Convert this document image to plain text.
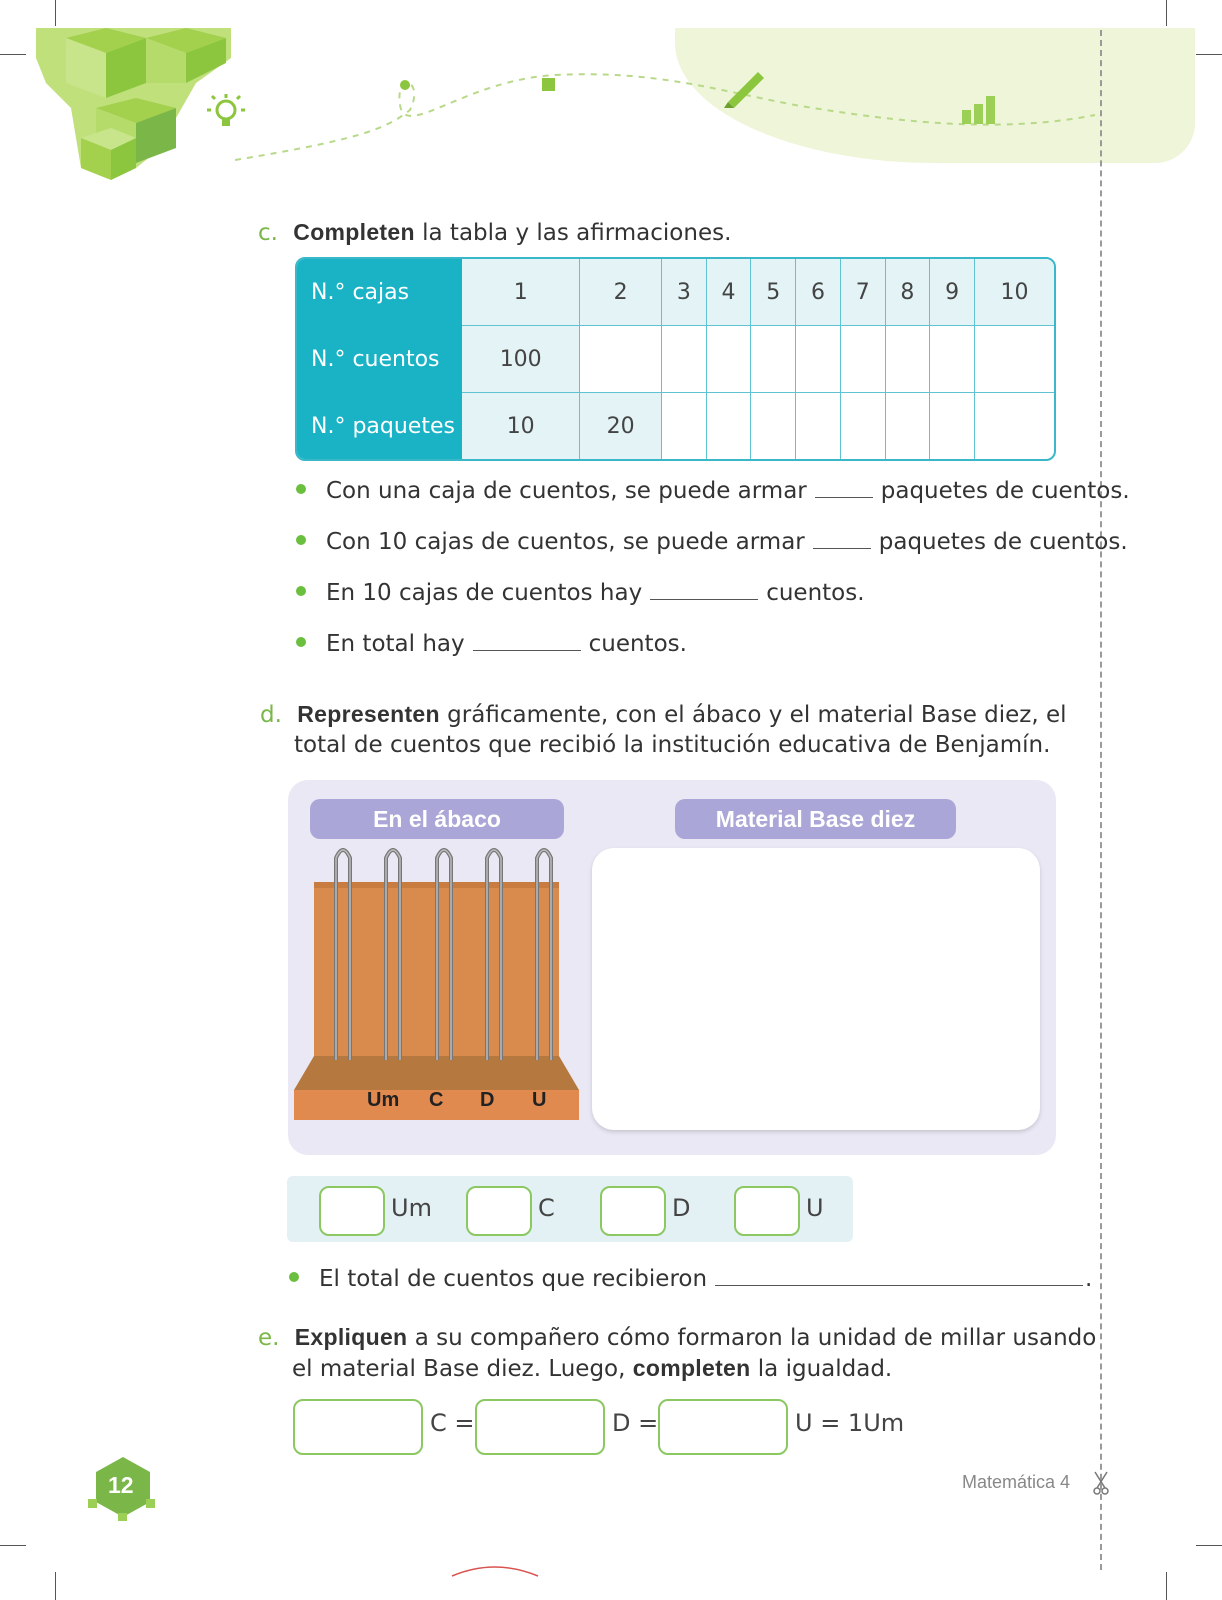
c. Completen la tabla y las afirmaciones.
N.° cajas	1	2	3	4	5	6	7	8	9	10
N.° cuentos	100									
N.° paquetes	10	20								
Con una caja de cuentos, se puede armar	paquetes de cuentos.
Con 10 cajas de cuentos, se puede armar	paquetes de cuentos.
En 10 cajas de cuentos hay	cuentos.
En total hay	cuentos.
d. Representen gráficamente, con el ábaco y el material Base diez, el
total de cuentos que recibió la institución educativa de Benjamín.
En el ábaco	Material Base diez
Um C D U
Um	C	D	U
El total de cuentos que recibieron	.
e. Expliquen a su compañero cómo formaron la unidad de millar usando
el material Base diez. Luego, completen la igualdad.
C =	D =	U = 1Um
12	Matemática 4
